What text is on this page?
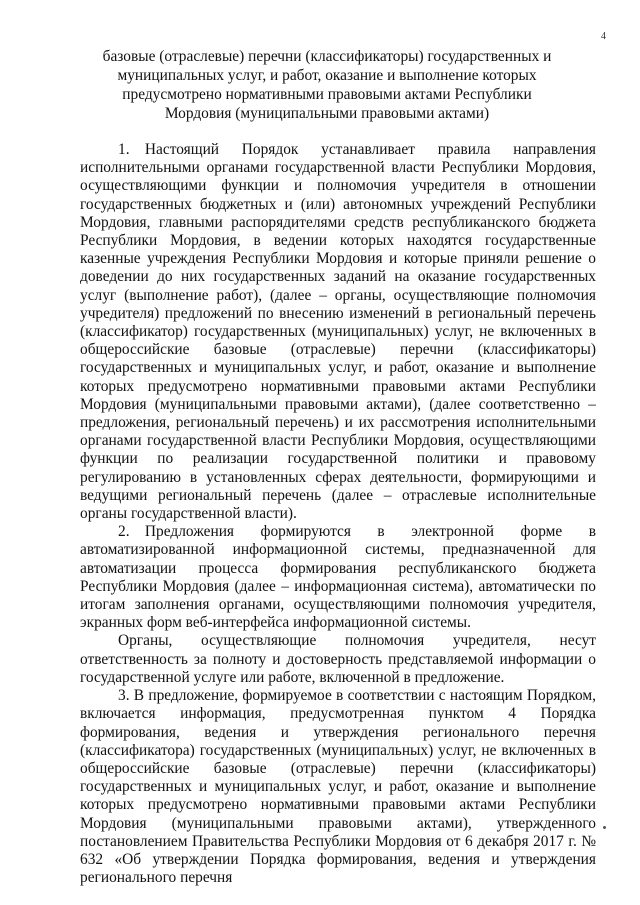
4
базовые (отраслевые) перечни (классификаторы) государственных и муниципальных услуг, и работ, оказание и выполнение которых предусмотрено нормативными правовыми актами Республики Мордовия (муниципальными правовыми актами)

1. Настоящий Порядок устанавливает правила направления исполнительными органами государственной власти Республики Мордовия, осуществляющими функции и полномочия учредителя в отношении государственных бюджетных и (или) автономных учреждений Республики Мордовия, главными распорядителями средств республиканского бюджета Республики Мордовия, в ведении которых находятся государственные казенные учреждения Республики Мордовия и которые приняли решение о доведении до них государственных заданий на оказание государственных услуг (выполнение работ), (далее – органы, осуществляющие полномочия учредителя) предложений по внесению изменений в региональный перечень (классификатор) государственных (муниципальных) услуг, не включенных в общероссийские базовые (отраслевые) перечни (классификаторы) государственных и муниципальных услуг, и работ, оказание и выполнение которых предусмотрено нормативными правовыми актами Республики Мордовия (муниципальными правовыми актами), (далее соответственно – предложения, региональный перечень) и их рассмотрения исполнительными органами государственной власти Республики Мордовия, осуществляющими функции по реализации государственной политики и правовому регулированию в установленных сферах деятельности, формирующими и ведущими региональный перечень (далее – отраслевые исполнительные органы государственной власти).

2. Предложения формируются в электронной форме в автоматизированной информационной системы, предназначенной для автоматизации процесса формирования республиканского бюджета Республики Мордовия (далее – информационная система), автоматически по итогам заполнения органами, осуществляющими полномочия учредителя, экранных форм веб-интерфейса информационной системы.

Органы, осуществляющие полномочия учредителя, несут ответственность за полноту и достоверность представляемой информации о государственной услуге или работе, включенной в предложение.

3. В предложение, формируемое в соответствии с настоящим Порядком, включается информация, предусмотренная пунктом 4 Порядка формирования, ведения и утверждения регионального перечня (классификатора) государственных (муниципальных) услуг, не включенных в общероссийские базовые (отраслевые) перечни (классификаторы) государственных и муниципальных услуг, и работ, оказание и выполнение которых предусмотрено нормативными правовыми актами Республики Мордовия (муниципальными правовыми актами), утвержденного постановлением Правительства Республики Мордовия от 6 декабря 2017 г. № 632 «Об утверждении Порядка формирования, ведения и утверждения регионального перечня
